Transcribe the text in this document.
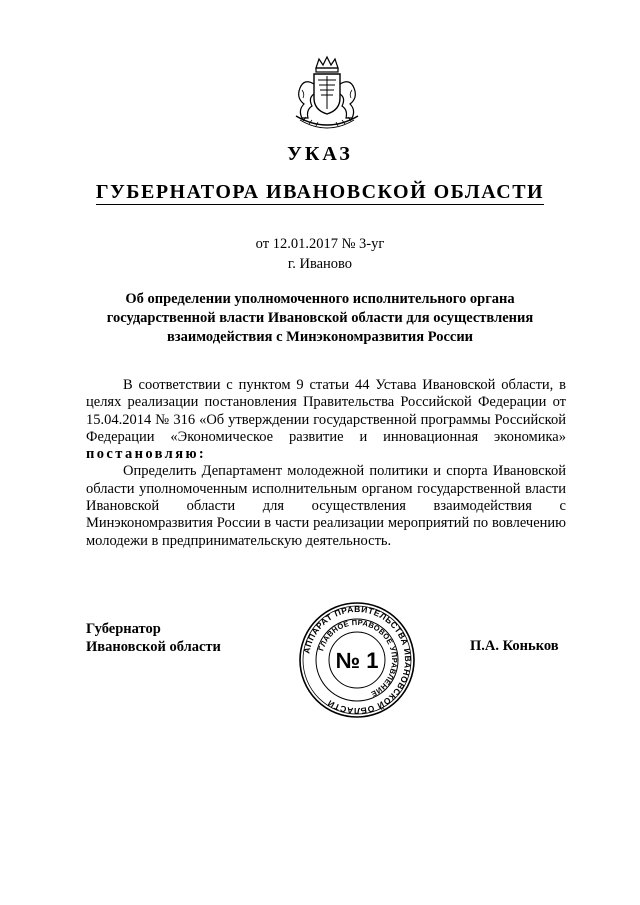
УКАЗ
ГУБЕРНАТОРА ИВАНОВСКОЙ ОБЛАСТИ
от 12.01.2017 № 3-уг
г. Иваново
Об определении уполномоченного исполнительного органа
государственной власти Ивановской области для осуществления
взаимодействия с Минэкономразвития России

В соответствии с пунктом 9 статьи 44 Устава Ивановской области, в целях реализации постановления Правительства Российской Федерации от 15.04.2014 № 316 «Об утверждении государственной программы Российской Федерации «Экономическое развитие и инновационная экономика» постановляю:

Определить Департамент молодежной политики и спорта Ивановской области уполномоченным исполнительным органом государственной власти Ивановской области для осуществления взаимодействия с Минэкономразвития России в части реализации мероприятий по вовлечению молодежи в предпринимательскую деятельность.

Губернатор
Ивановской области	АППАРАТ ПРАВИТЕЛЬСТВА ИВАНОВСКОЙ ОБЛАСТИ
ГЛАВНОЕ ПРАВОВОЕ УПРАВЛЕНИЕ
№ 1
П.А. Коньков
